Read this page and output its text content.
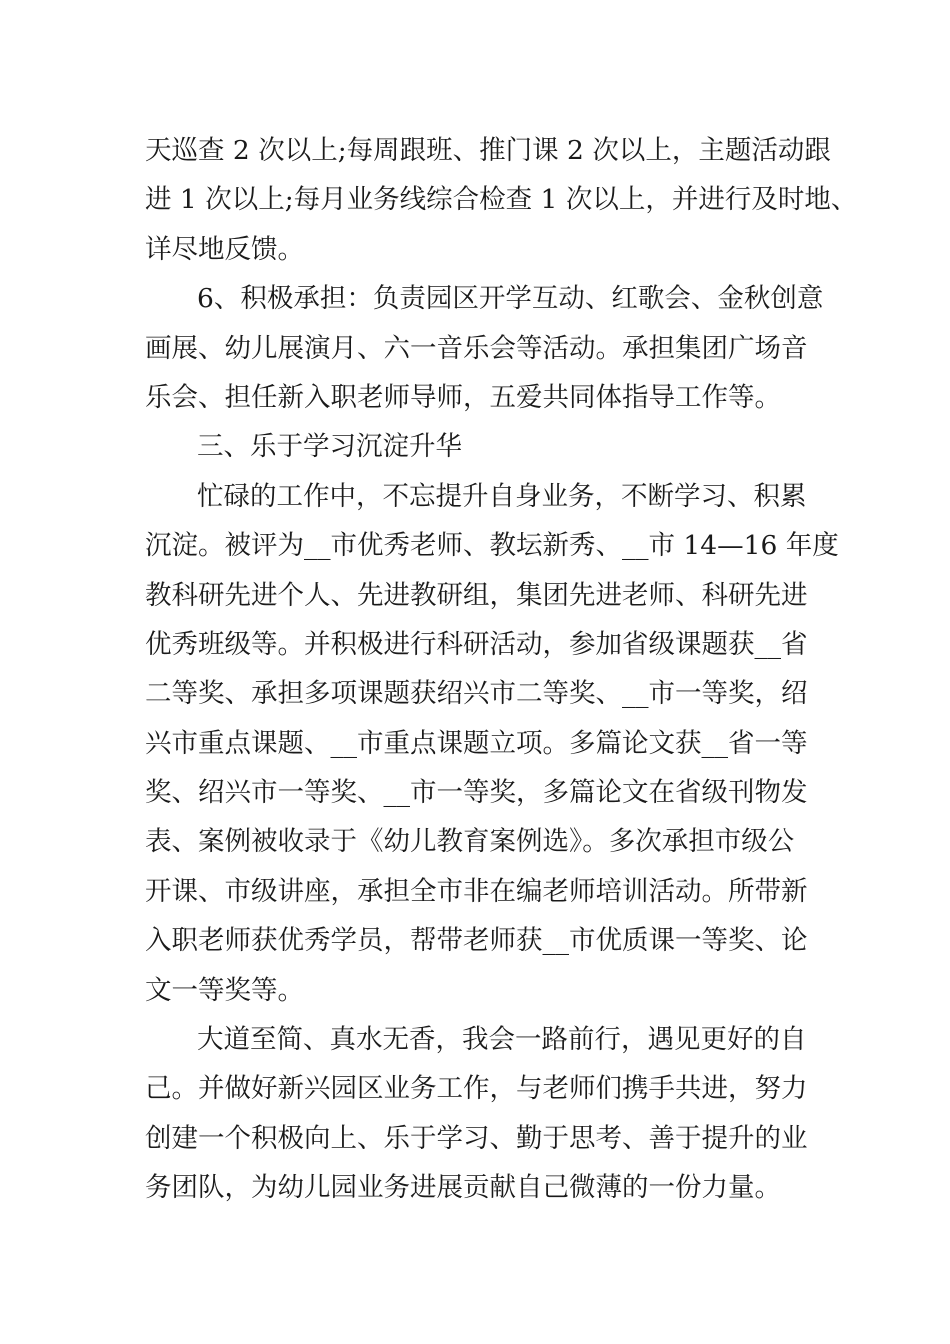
天巡查 2 次以上;每周跟班、推门课 2 次以上，主题活动跟
进 1 次以上;每月业务线综合检查 1 次以上，并进行及时地、
详尽地反馈。
6、积极承担：负责园区开学互动、红歌会、金秋创意
画展、幼儿展演月、六一音乐会等活动。承担集团广场音
乐会、担任新入职老师导师，五爱共同体指导工作等。
三、乐于学习沉淀升华
忙碌的工作中，不忘提升自身业务，不断学习、积累
沉淀。被评为__市优秀老师、教坛新秀、__市 14—16 年度
教科研先进个人、先进教研组，集团先进老师、科研先进
优秀班级等。并积极进行科研活动，参加省级课题获__省
二等奖、承担多项课题获绍兴市二等奖、__市一等奖，绍
兴市重点课题、__市重点课题立项。多篇论文获__省一等
奖、绍兴市一等奖、__市一等奖，多篇论文在省级刊物发
表、案例被收录于《幼儿教育案例选》。多次承担市级公
开课、市级讲座，承担全市非在编老师培训活动。所带新
入职老师获优秀学员，帮带老师获__市优质课一等奖、论
文一等奖等。
大道至简、真水无香，我会一路前行，遇见更好的自
己。并做好新兴园区业务工作，与老师们携手共进，努力
创建一个积极向上、乐于学习、勤于思考、善于提升的业
务团队，为幼儿园业务进展贡献自己微薄的一份力量。
